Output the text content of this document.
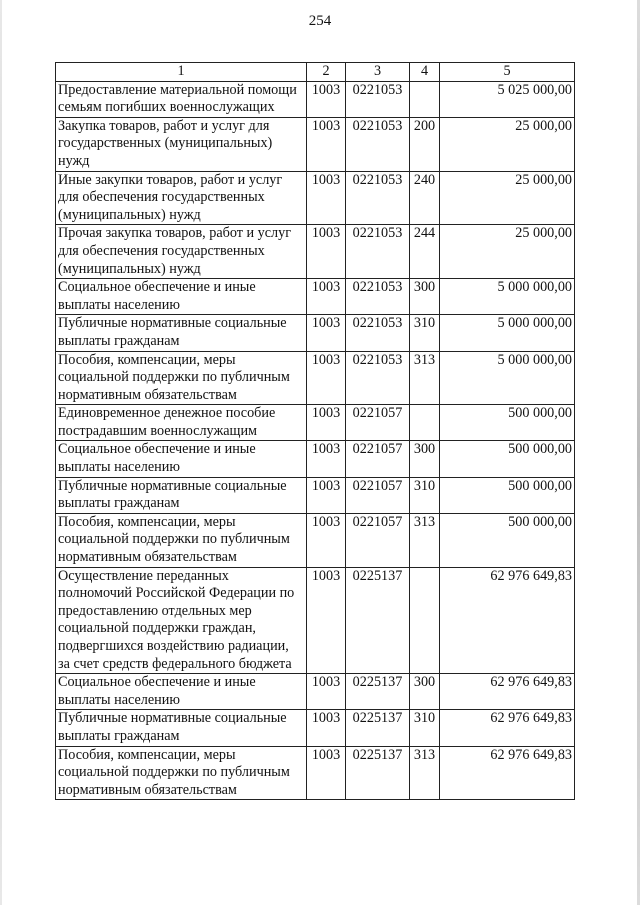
254
1	2	3	4	5
Предоставление материальной помощи семьям погибших военнослужащих	1003	0221053		5 025 000,00
Закупка товаров, работ и услуг для государственных (муниципальных) нужд	1003	0221053	200	25 000,00
Иные закупки товаров, работ и услуг для обеспечения государственных (муниципальных) нужд	1003	0221053	240	25 000,00
Прочая закупка товаров, работ и услуг для обеспечения государственных (муниципальных) нужд	1003	0221053	244	25 000,00
Социальное обеспечение и иные выплаты населению	1003	0221053	300	5 000 000,00
Публичные нормативные социальные выплаты гражданам	1003	0221053	310	5 000 000,00
Пособия, компенсации, меры социальной поддержки по публичным нормативным обязательствам	1003	0221053	313	5 000 000,00
Единовременное денежное пособие пострадавшим военнослужащим	1003	0221057		500 000,00
Социальное обеспечение и иные выплаты населению	1003	0221057	300	500 000,00
Публичные нормативные социальные выплаты гражданам	1003	0221057	310	500 000,00
Пособия, компенсации, меры социальной поддержки по публичным нормативным обязательствам	1003	0221057	313	500 000,00
Осуществление переданных полномочий Российской Федерации по предоставлению отдельных мер социальной поддержки граждан, подвергшихся воздействию радиации, за счет средств федерального бюджета	1003	0225137		62 976 649,83
Социальное обеспечение и иные выплаты населению	1003	0225137	300	62 976 649,83
Публичные нормативные социальные выплаты гражданам	1003	0225137	310	62 976 649,83
Пособия, компенсации, меры социальной поддержки по публичным нормативным обязательствам	1003	0225137	313	62 976 649,83
